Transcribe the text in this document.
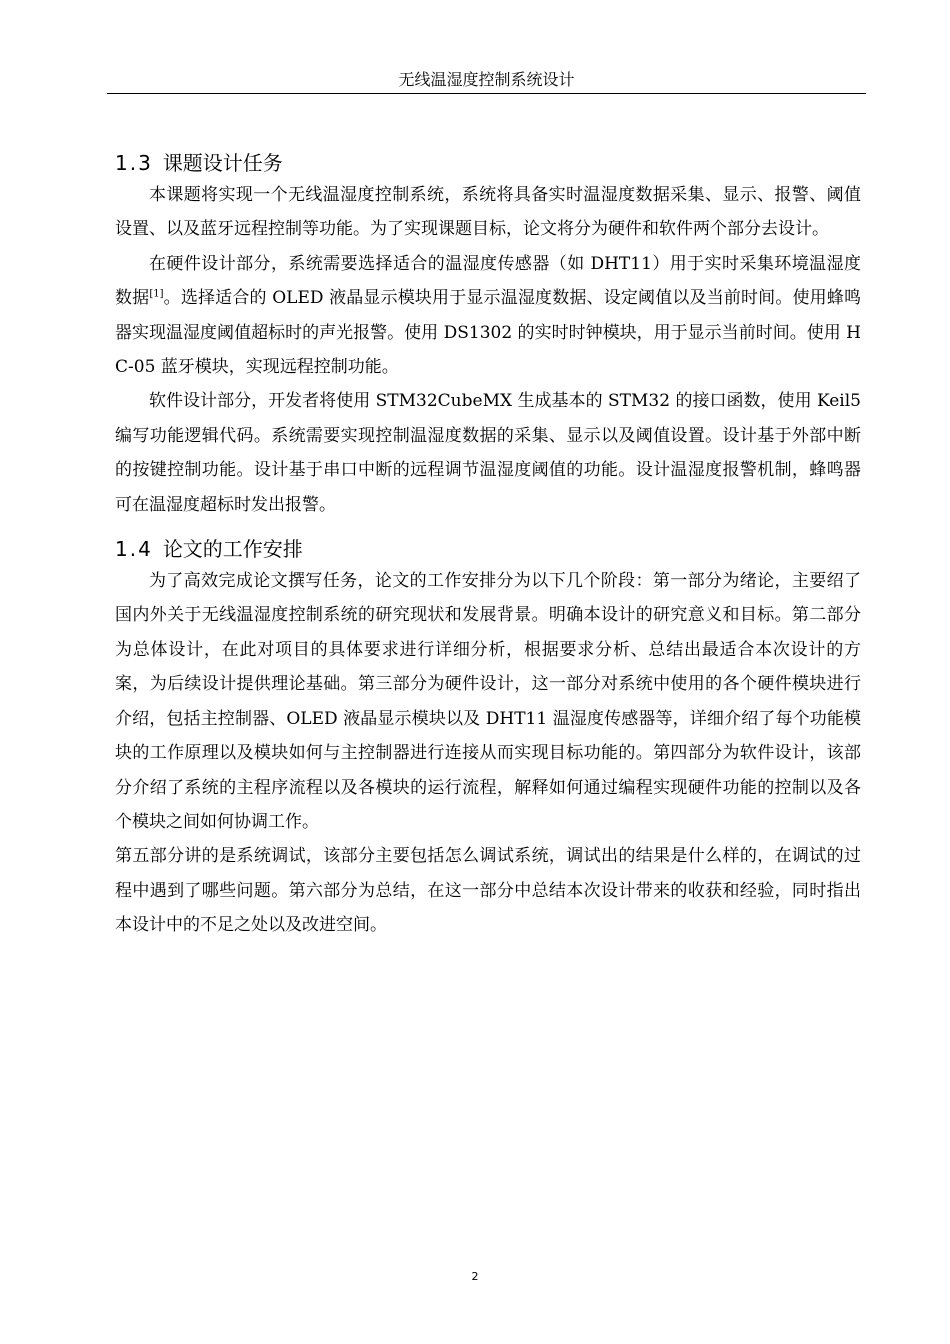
无线温湿度控制系统设计
1.3 课题设计任务

本课题将实现一个无线温湿度控制系统，系统将具备实时温湿度数据采集、显示、报警、阈值设置、以及蓝牙远程控制等功能。为了实现课题目标，论文将分为硬件和软件两个部分去设计。

在硬件设计部分，系统需要选择适合的温湿度传感器（如 DHT11）用于实时采集环境温湿度数据[1]。选择适合的 OLED 液晶显示模块用于显示温湿度数据、设定阈值以及当前时间。使用蜂鸣器实现温湿度阈值超标时的声光报警。使用 DS1302 的实时时钟模块，用于显示当前时间。使用 HC-05 蓝牙模块，实现远程控制功能。

软件设计部分，开发者将使用 STM32CubeMX 生成基本的 STM32 的接口函数，使用 Keil5 编写功能逻辑代码。系统需要实现控制温湿度数据的采集、显示以及阈值设置。设计基于外部中断的按键控制功能。设计基于串口中断的远程调节温湿度阈值的功能。设计温湿度报警机制，蜂鸣器可在温湿度超标时发出报警。

1.4 论文的工作安排

为了高效完成论文撰写任务，论文的工作安排分为以下几个阶段：第一部分为绪论，主要绍了国内外关于无线温湿度控制系统的研究现状和发展背景。明确本设计的研究意义和目标。第二部分为总体设计，在此对项目的具体要求进行详细分析，根据要求分析、总结出最适合本次设计的方案，为后续设计提供理论基础。第三部分为硬件设计，这一部分对系统中使用的各个硬件模块进行介绍，包括主控制器、OLED 液晶显示模块以及 DHT11 温湿度传感器等，详细介绍了每个功能模块的工作原理以及模块如何与主控制器进行连接从而实现目标功能的。第四部分为软件设计，该部分介绍了系统的主程序流程以及各模块的运行流程，解释如何通过编程实现硬件功能的控制以及各个模块之间如何协调工作。

第五部分讲的是系统调试，该部分主要包括怎么调试系统，调试出的结果是什么样的，在调试的过程中遇到了哪些问题。第六部分为总结，在这一部分中总结本次设计带来的收获和经验，同时指出本设计中的不足之处以及改进空间。

2
